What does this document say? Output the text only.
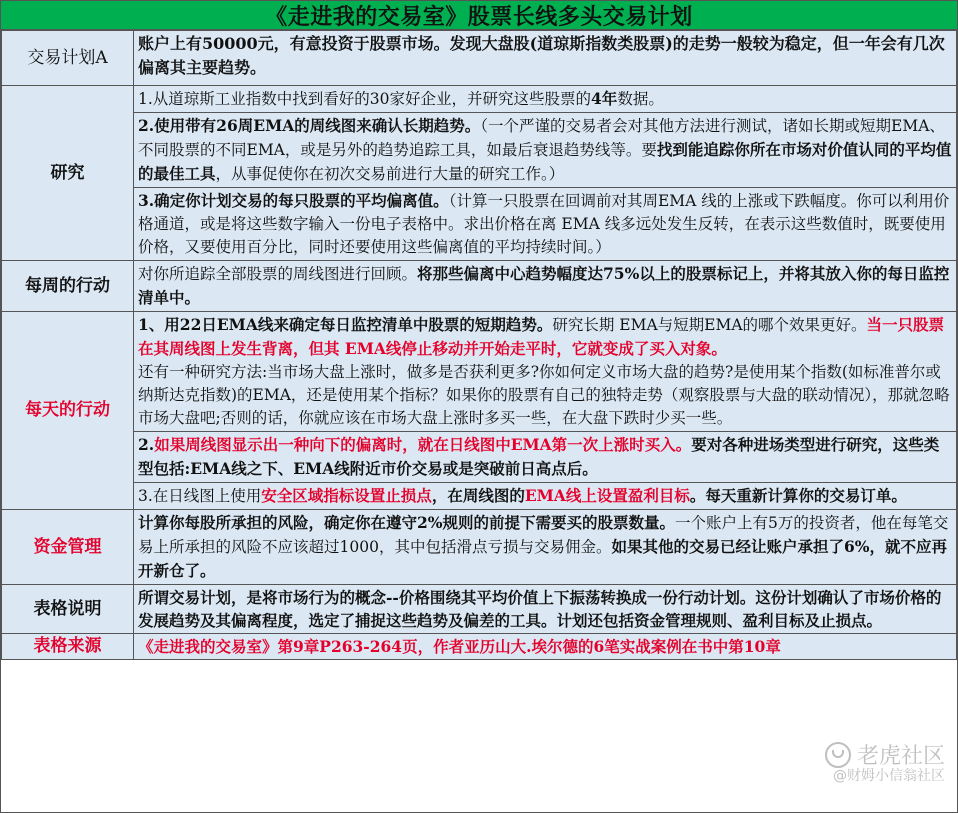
《走进我的交易室》股票长线多头交易计划
交易计划A	账户上有50000元，有意投资于股票市场。发现大盘股(道琼斯指数类股票)的走势一般较为稳定，但一年会有几次偏离其主要趋势。
研究	1.从道琼斯工业指数中找到看好的30家好企业，并研究这些股票的4年数据。
	2.使用带有26周EMA的周线图来确认长期趋势。（一个严谨的交易者会对其他方法进行测试，诸如长期或短期EMA、不同股票的不同EMA，或是另外的趋势追踪工具，如最后衰退趋势线等。要找到能追踪你所在市场对价值认同的平均值的最佳工具，从事促使你在初次交易前进行大量的研究工作。）
	3.确定你计划交易的每只股票的平均偏离值。（计算一只股票在回调前对其周EMA 线的上涨或下跌幅度。你可以利用价格通道，或是将这些数字输入一份电子表格中。求出价格在离 EMA 线多远处发生反转，在表示这些数值时，既要使用价格，又要使用百分比，同时还要使用这些偏离值的平均持续时间。）
每周的行动	对你所追踪全部股票的周线图进行回顾。将那些偏离中心趋势幅度达75%以上的股票标记上，并将其放入你的每日监控清单中。
每天的行动	1、用22日EMA线来确定每日监控清单中股票的短期趋势。研究长期 EMA与短期EMA的哪个效果更好。当一只股票在其周线图上发生背离，但其 EMA线停止移动并开始走平时，它就变成了买入对象。
还有一种研究方法:当市场大盘上涨时，做多是否获利更多?你如何定义市场大盘的趋势?是使用某个指数(如标准普尔或纳斯达克指数)的EMA，还是使用某个指标？如果你的股票有自己的独特走势（观察股票与大盘的联动情况），那就忽略市场大盘吧;否则的话，你就应该在市场大盘上涨时多买一些，在大盘下跌时少买一些。
	2.如果周线图显示出一种向下的偏离时，就在日线图中EMA第一次上涨时买入。要对各种进场类型进行研究，这些类型包括:EMA线之下、EMA线附近市价交易或是突破前日高点后。
	3.在日线图上使用安全区域指标设置止损点，在周线图的EMA线上设置盈利目标。每天重新计算你的交易订单。
资金管理	计算你每股所承担的风险，确定你在遵守2%规则的前提下需要买的股票数量。一个账户上有5万的投资者，他在每笔交易上所承担的风险不应该超过1000，其中包括滑点亏损与交易佣金。如果其他的交易已经让账户承担了6%，就不应再开新仓了。
表格说明	所谓交易计划，是将市场行为的概念--价格围绕其平均价值上下振荡转换成一份行动计划。这份计划确认了市场价格的发展趋势及其偏离程度，选定了捕捉这些趋势及偏差的工具。计划还包括资金管理规则、盈利目标及止损点。
表格来源	《走进我的交易室》第9章P263-264页，作者亚历山大.埃尔德的6笔实战案例在书中第10章
老虎社区
@财姆小信翁社区
